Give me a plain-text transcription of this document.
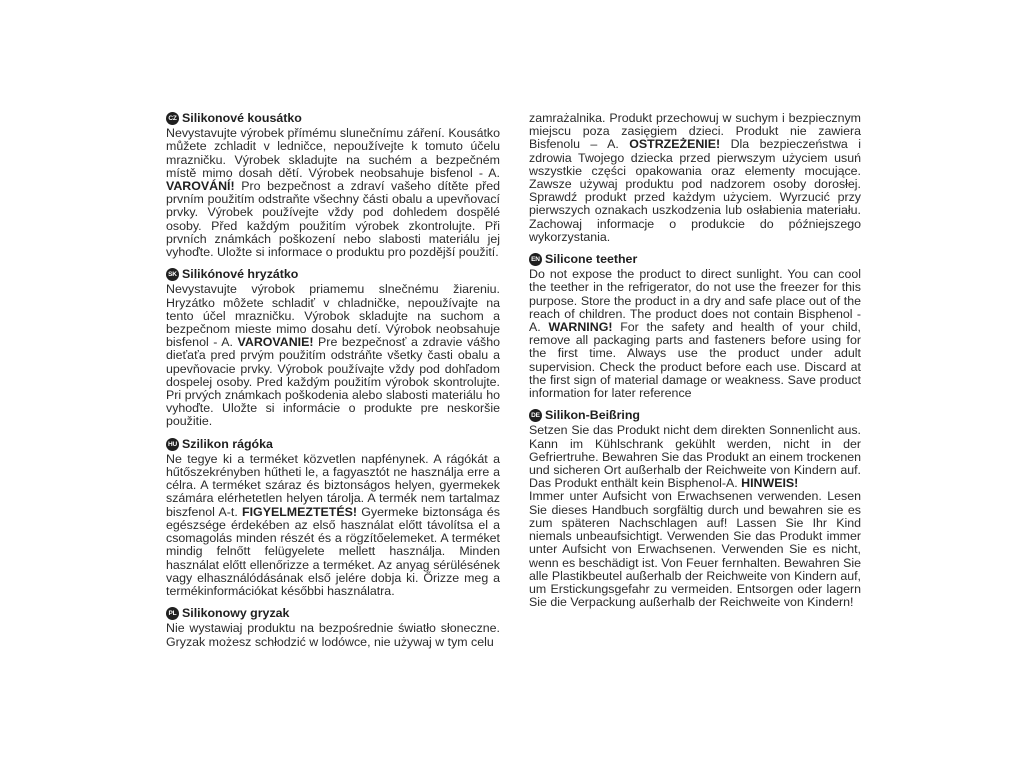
CZ Silikonové kousátko

Nevystavujte výrobek přímému slunečnímu záření. Kousátko můžete zchladit v ledničce, nepoužívejte k tomuto účelu mrazničku. Výrobek skladujte na suchém a bezpečném místě mimo dosah dětí. Výrobek neobsahuje bisfenol - A. VAROVÁNÍ! Pro bezpečnost a zdraví vašeho dítěte před prvním použitím odstraňte všechny části obalu a upevňovací prvky. Výrobek používejte vždy pod dohledem dospělé osoby. Před každým použitím výrobek zkontrolujte. Při prvních známkách poškození nebo slabosti materiálu jej vyhoďte. Uložte si informace o produktu pro pozdější použití.

SK Silikónové hryzátko

Nevystavujte výrobok priamemu slnečnému žiareniu. Hryzátko môžete schladiť v chladničke, nepoužívajte na tento účel mrazničku. Výrobok skladujte na suchom a bezpečnom mieste mimo dosahu detí. Výrobok neobsahuje bisfenol - A. VAROVANIE! Pre bezpečnosť a zdravie vášho dieťaťa pred prvým použitím odstráňte všetky časti obalu a upevňovacie prvky. Výrobok používajte vždy pod dohľadom dospelej osoby. Pred každým použitím výrobok skontrolujte. Pri prvých známkach poškodenia alebo slabosti materiálu ho vyhoďte. Uložte si informácie o produkte pre neskoršie použitie.

HU Szilikon rágóka

Ne tegye ki a terméket közvetlen napfénynek. A rágókát a hűtőszekrényben hűtheti le, a fagyasztót ne használja erre a célra. A terméket száraz és biztonságos helyen, gyermekek számára elérhetetlen helyen tárolja. A termék nem tartalmaz biszfenol A-t. FIGYELMEZTETÉS! Gyermeke biztonsága és egészsége érdekében az első használat előtt távolítsa el a csomagolás minden részét és a rögzítőelemeket. A terméket mindig felnőtt felügyelete mellett használja. Minden használat előtt ellenőrizze a terméket. Az anyag sérülésének vagy elhasználódásának első jelére dobja ki. Őrizze meg a termékinformációkat későbbi használatra.

PL Silikonowy gryzak

Nie wystawiaj produktu na bezpośrednie światło słoneczne. Gryzak możesz schłodzić w lodówce, nie używaj w tym celu

zamrażalnika. Produkt przechowuj w suchym i bezpiecznym miejscu poza zasięgiem dzieci. Produkt nie zawiera Bisfenolu – A. OSTRZEŻENIE! Dla bezpieczeństwa i zdrowia Twojego dziecka przed pierwszym użyciem usuń wszystkie części opakowania oraz elementy mocujące. Zawsze używaj produktu pod nadzorem osoby dorosłej. Sprawdź produkt przed każdym użyciem. Wyrzucić przy pierwszych oznakach uszkodzenia lub osłabienia materiału. Zachowaj informacje o produkcie do późniejszego wykorzystania.

EN Silicone teether

Do not expose the product to direct sunlight. You can cool the teether in the refrigerator, do not use the freezer for this purpose. Store the product in a dry and safe place out of the reach of children. The product does not contain Bisphenol - A. WARNING! For the safety and health of your child, remove all packaging parts and fasteners before using for the first time. Always use the product under adult supervision. Check the product before each use. Discard at the first sign of material damage or weakness. Save product information for later reference

DE Silikon-Beißring

Setzen Sie das Produkt nicht dem direkten Sonnenlicht aus. Kann im Kühlschrank gekühlt werden, nicht in der Gefriertruhe. Bewahren Sie das Produkt an einem trockenen und sicheren Ort außerhalb der Reichweite von Kindern auf. Das Produkt enthält kein Bisphenol-A. HINWEIS!
Immer unter Aufsicht von Erwachsenen verwenden. Lesen Sie dieses Handbuch sorgfältig durch und bewahren sie es zum späteren Nachschlagen auf! Lassen Sie Ihr Kind niemals unbeaufsichtigt. Verwenden Sie das Produkt immer unter Aufsicht von Erwachsenen. Verwenden Sie es nicht, wenn es beschädigt ist. Von Feuer fernhalten. Bewahren Sie alle Plastikbeutel außerhalb der Reichweite von Kindern auf, um Erstickungsgefahr zu vermeiden. Entsorgen oder lagern Sie die Verpackung außerhalb der Reichweite von Kindern!
